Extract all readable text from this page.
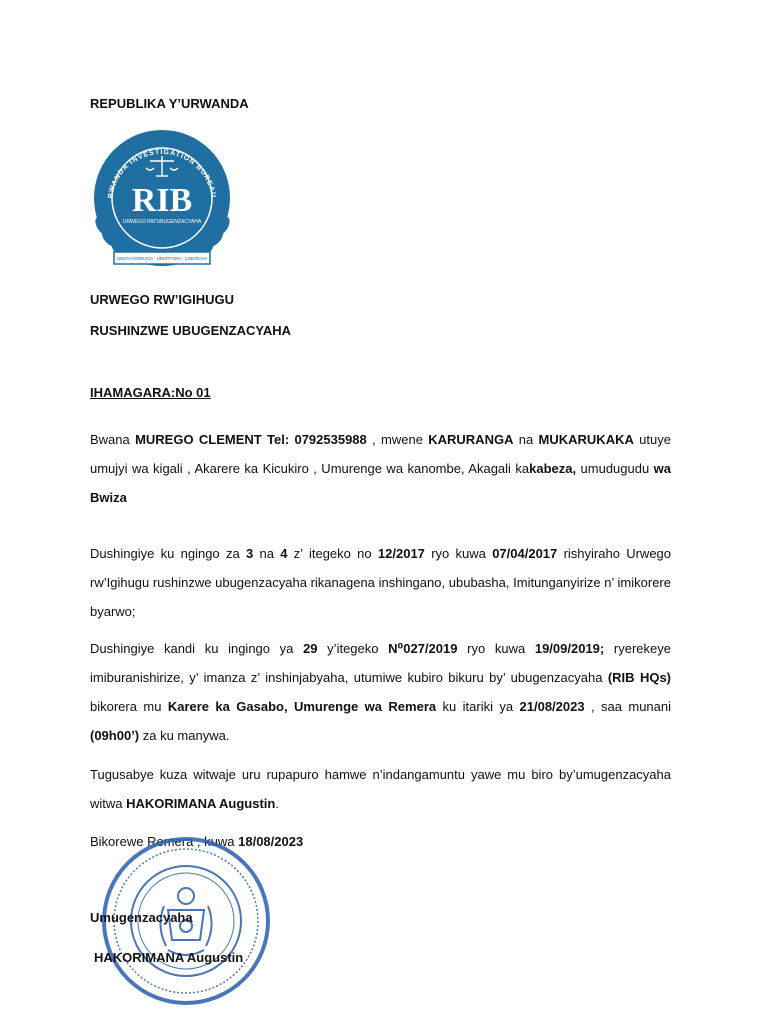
REPUBLIKA Y’URWANDA
RWANDA INVESTIGATION BUREAU
RIB
URWEGO RW’UBUGENZACYAHA
UBUNYAMWUGA · UBUPFURA · UMURAVA
URWEGO RW’IGIHUGU
RUSHINZWE UBUGENZACYAHA
IHAMAGARA:No 01
Bwana MUREGO CLEMENT Tel: 0792535988 , mwene KARURANGA na MUKARUKAKA utuye umujyi wa kigali , Akarere ka Kicukiro , Umurenge wa kanombe, Akagali kakabeza, umudugudu wa Bwiza
Dushingiye ku ngingo za 3 na 4 z’ itegeko no 12/2017 ryo kuwa 07/04/2017 rishyiraho Urwego rw’Igihugu rushinzwe ubugenzacyaha rikanagena inshingano, ububasha, Imitunganyirize n’ imikorere byarwo;
Dushingiye kandi ku ingingo ya 29 y’itegeko N⁰027/2019 ryo kuwa 19/09/2019; ryerekeye imiburanishirize, y’ imanza z’ inshinjabyaha, utumiwe kubiro bikuru by’ ubugenzacyaha (RIB HQs) bikorera mu Karere ka Gasabo, Umurenge wa Remera ku itariki ya 21/08/2023 , saa munani (09h00’) za ku manywa.
Tugusabye kuza witwaje uru rupapuro hamwe n’indangamuntu yawe mu biro by’umugenzacyaha witwa HAKORIMANA Augustin.
Bikorewe Remera , kuwa 18/08/2023
Umugenzacyaha
HAKORIMANA Augustin
